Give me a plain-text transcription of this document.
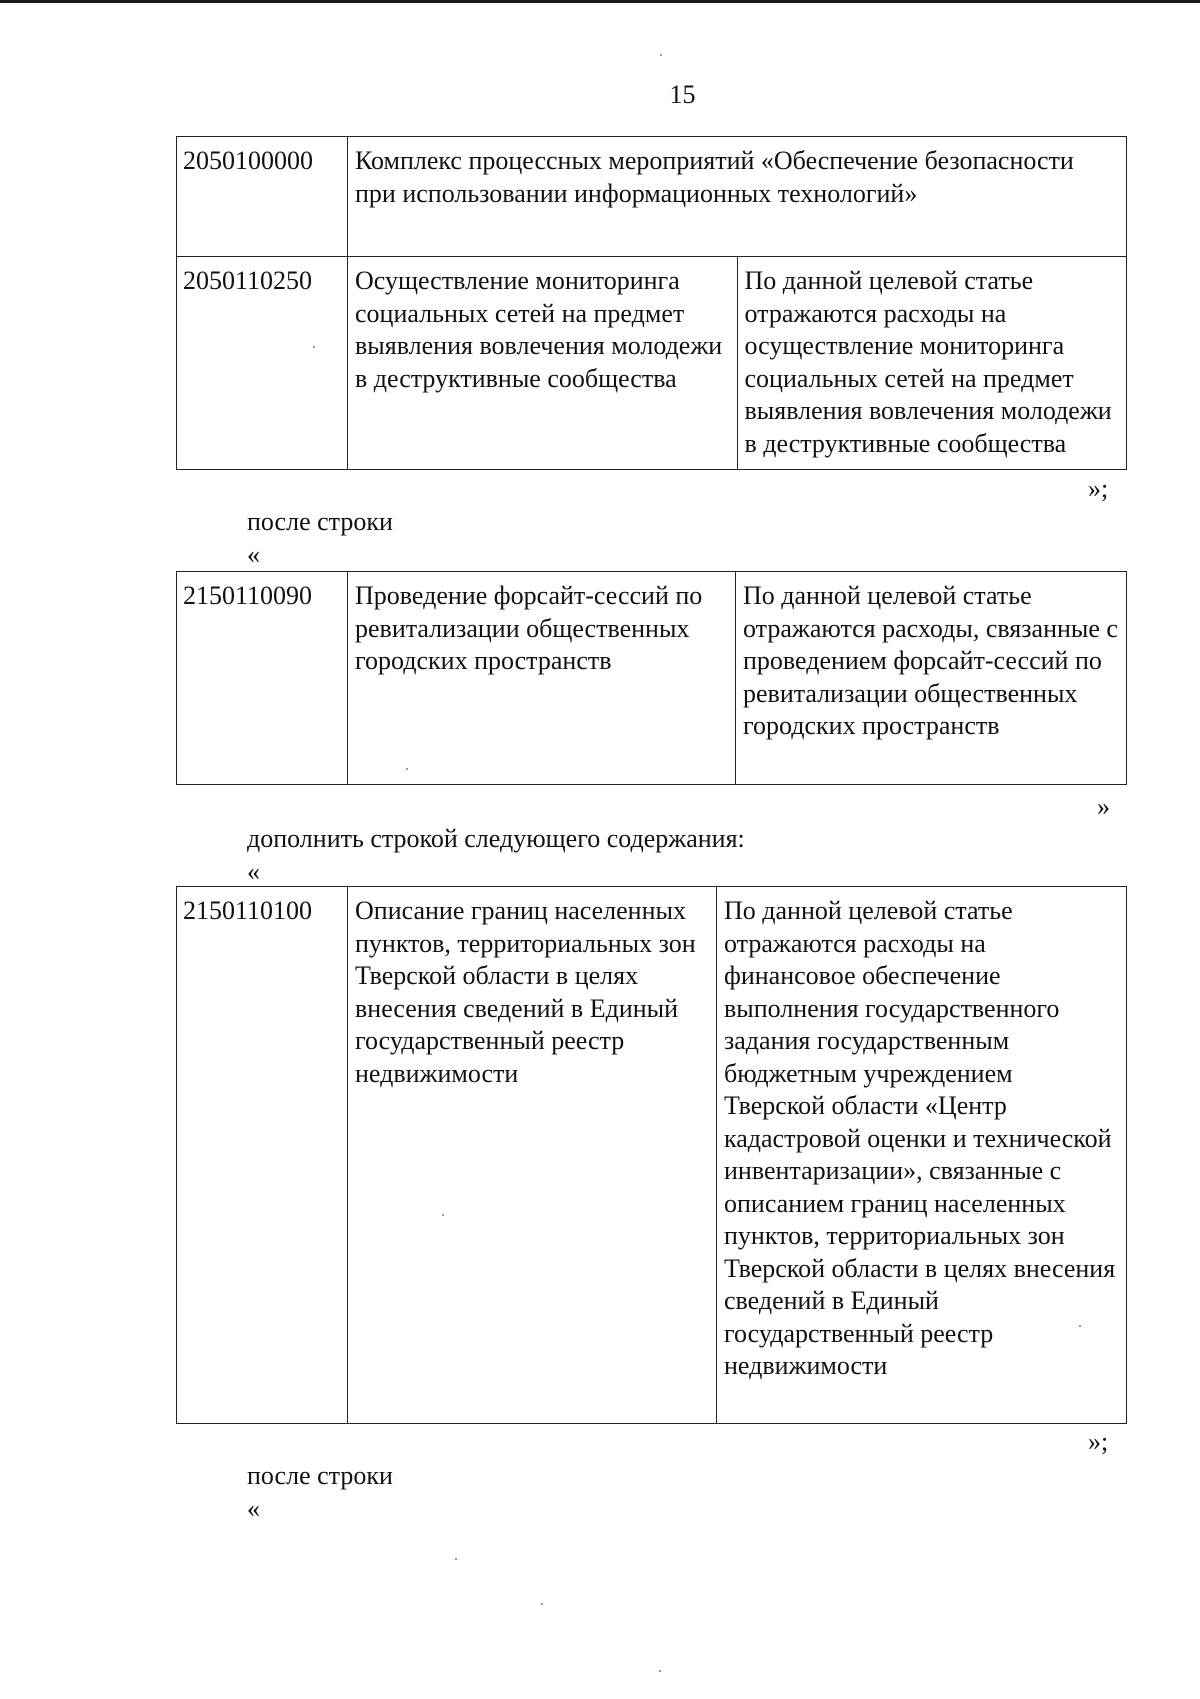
15
2050100000	Комплекс процессных мероприятий «Обеспечение безопасности при использовании информационных технологий»	
2050110250	Осуществление мониторинга социальных сетей на предмет выявления вовлечения молодежи в деструктивные сообщества	По данной целевой статье отражаются расходы на осуществление мониторинга социальных сетей на предмет выявления вовлечения молодежи в деструктивные сообщества
»;
после строки
«
2150110090	Проведение форсайт-сессий по ревитализации общественных городских пространств	По данной целевой статье отражаются расходы, связанные с проведением форсайт-сессий по ревитализации общественных городских пространств
»
дополнить строкой следующего содержания:
«
2150110100	Описание границ населенных пунктов, территориальных зон Тверской области в целях внесения сведений в Единый государственный реестр недвижимости	По данной целевой статье отражаются расходы на финансовое обеспечение выполнения государственного задания государственным бюджетным учреждением Тверской области «Центр кадастровой оценки и технической инвентаризации», связанные с описанием границ населенных пунктов, территориальных зон Тверской области в целях внесения сведений в Единый государственный реестр недвижимости
»;
после строки
«
